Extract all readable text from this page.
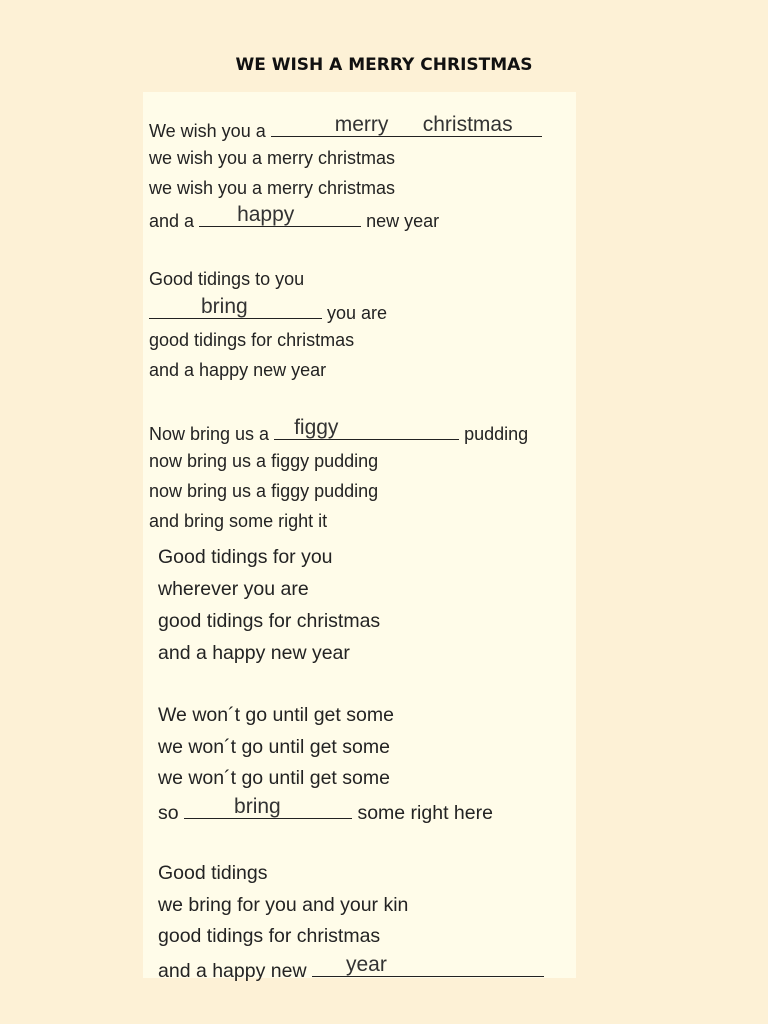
WE WISH A MERRY CHRISTMAS
We wish you a	merry christmas
we wish you a merry christmas
we wish you a merry christmas
and a happy	new year
Good tidings to you
bring	you are
good tidings for christmas
and a happy new year
Now bring us a figgy	pudding
now bring us a figgy pudding
now bring us a figgy pudding
and bring some right it
Good tidings for you
wherever you are
good tidings for christmas
and a happy new year
We won´t go until get some
we won´t go until get some
we won´t go until get some
so	bring	some right here
Good tidings
we bring for you and your kin
good tidings for christmas
and a happy new year
